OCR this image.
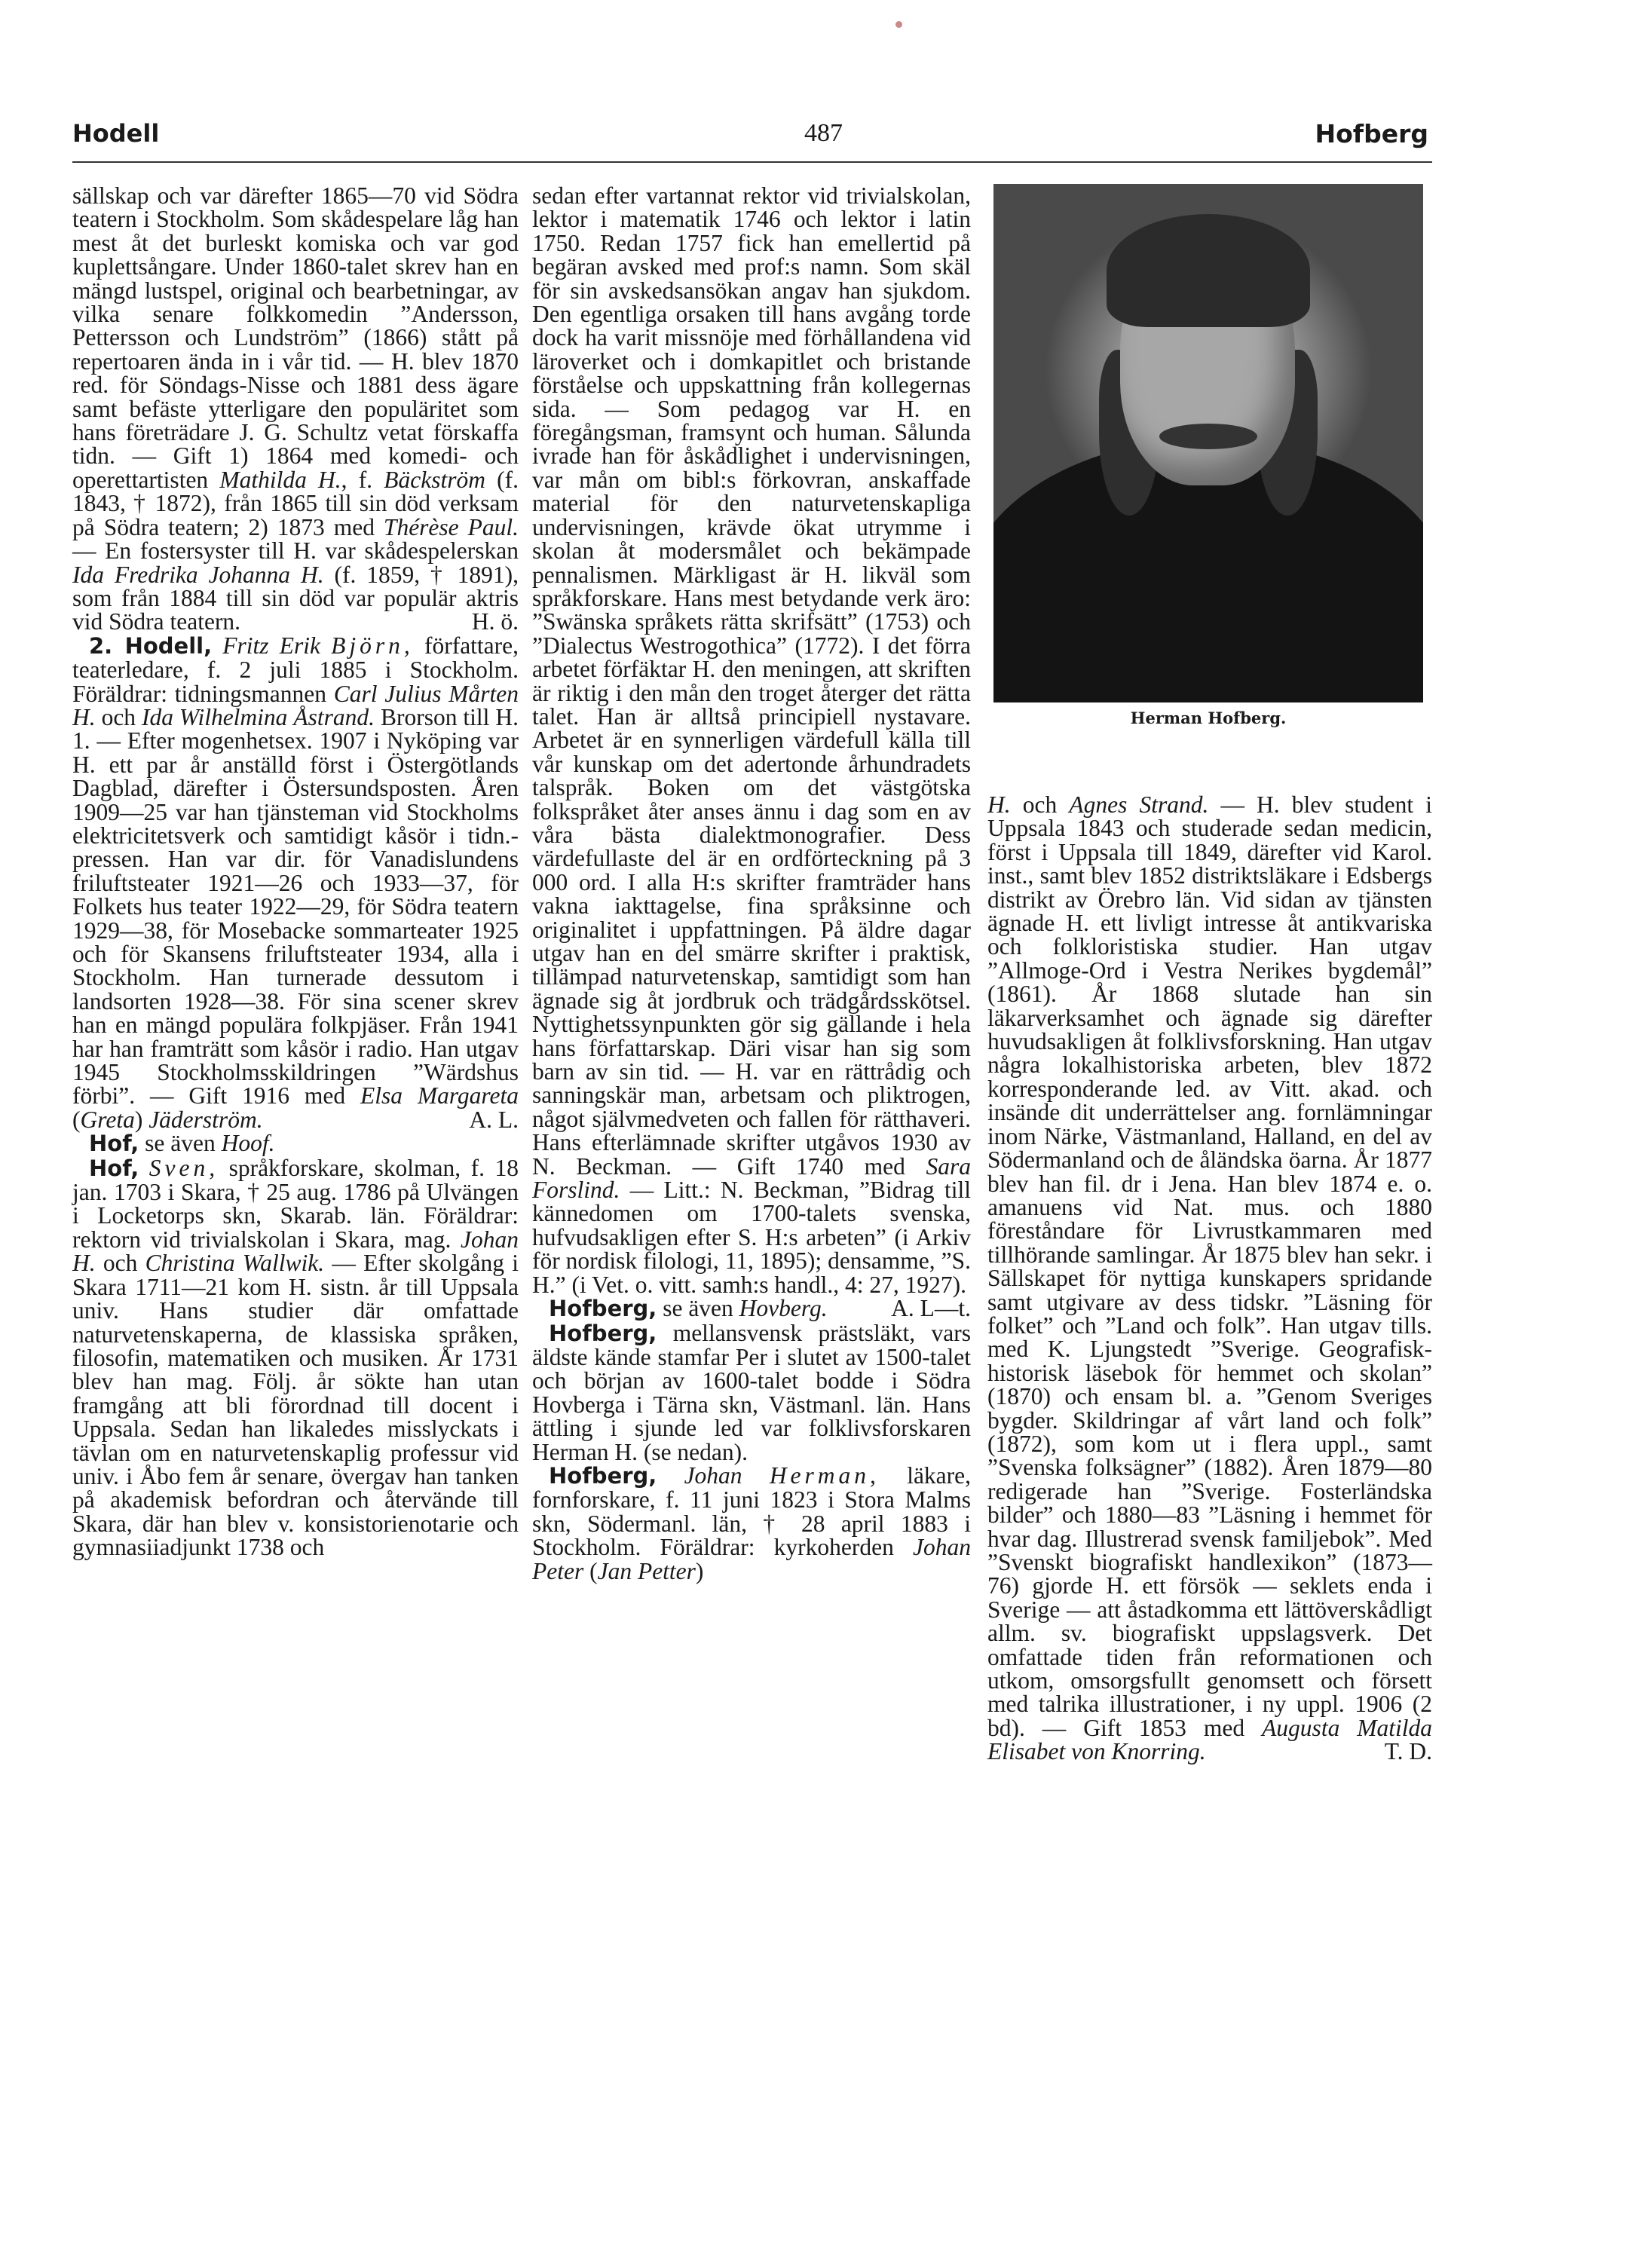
Hodell	487	Hofberg

sällskap och var därefter 1865—70 vid Södra teatern i Stockholm. Som skådespelare låg han mest åt det burleskt komiska och var god kuplettsångare. Under 1860-talet skrev han en mängd lustspel, original och bearbetningar, av vilka senare folkkomedin ”Andersson, Pettersson och Lundström” (1866) stått på repertoaren ända in i vår tid. — H. blev 1870 red. för Söndags-Nisse och 1881 dess ägare samt befäste ytterligare den populäritet som hans företrädare J. G. Schultz vetat förskaffa tidn. — Gift 1) 1864 med komedi- och operettartisten Mathilda H., f. Bäckström (f. 1843, † 1872), från 1865 till sin död verksam på Södra teatern; 2) 1873 med Thérèse Paul. — En fostersyster till H. var skådespelerskan Ida Fredrika Johanna H. (f. 1859, † 1891), som från 1884 till sin död var populär aktris vid Södra teatern.	H. ö.

2. Hodell, Fritz Erik Björn, författare, teaterledare, f. 2 juli 1885 i Stockholm. Föräldrar: tidningsmannen Carl Julius Mårten H. och Ida Wilhelmina Åstrand. Brorson till H. 1. — Efter mogenhetsex. 1907 i Nyköping var H. ett par år anställd först i Östergötlands Dagblad, därefter i Östersundsposten. Åren 1909—25 var han tjänsteman vid Stockholms elektricitetsverk och samtidigt kåsör i tidn.-pressen. Han var dir. för Vanadislundens friluftsteater 1921—26 och 1933—37, för Folkets hus teater 1922—29, för Södra teatern 1929—38, för Mosebacke sommarteater 1925 och för Skansens friluftsteater 1934, alla i Stockholm. Han turnerade dessutom i landsorten 1928—38. För sina scener skrev han en mängd populära folkpjäser. Från 1941 har han framträtt som kåsör i radio. Han utgav 1945 Stockholmsskildringen ”Wärdshus förbi”. — Gift 1916 med Elsa Margareta (Greta) Jäderström.	A. L.

Hof, se även Hoof.

Hof, Sven, språkforskare, skolman, f. 18 jan. 1703 i Skara, † 25 aug. 1786 på Ulvängen i Locketorps skn, Skarab. län. Föräldrar: rektorn vid trivialskolan i Skara, mag. Johan H. och Christina Wallwik. — Efter skolgång i Skara 1711—21 kom H. sistn. år till Uppsala univ. Hans studier där omfattade naturvetenskaperna, de klassiska språken, filosofin, matematiken och musiken. År 1731 blev han mag. Följ. år sökte han utan framgång att bli förordnad till docent i Uppsala. Sedan han likaledes misslyckats i tävlan om en naturvetenskaplig professur vid univ. i Åbo fem år senare, övergav han tanken på akademisk befordran och återvände till Skara, där han blev v. konsistorienotarie och gymnasiiadjunkt 1738 och

sedan efter vartannat rektor vid trivialskolan, lektor i matematik 1746 och lektor i latin 1750. Redan 1757 fick han emellertid på begäran avsked med prof:s namn. Som skäl för sin avskedsansökan angav han sjukdom. Den egentliga orsaken till hans avgång torde dock ha varit missnöje med förhållandena vid läroverket och i domkapitlet och bristande förståelse och uppskattning från kollegernas sida. — Som pedagog var H. en föregångsman, framsynt och human. Sålunda ivrade han för åskådlighet i undervisningen, var mån om bibl:s förkovran, anskaffade material för den naturvetenskapliga undervisningen, krävde ökat utrymme i skolan åt modersmålet och bekämpade pennalismen. Märkligast är H. likväl som språkforskare. Hans mest betydande verk äro: ”Swänska språkets rätta skrifsätt” (1753) och ”Dialectus Westrogothica” (1772). I det förra arbetet förfäktar H. den meningen, att skriften är riktig i den mån den troget återger det rätta talet. Han är alltså principiell nystavare. Arbetet är en synnerligen värdefull källa till vår kunskap om det adertonde århundradets talspråk. Boken om det västgötska folkspråket åter anses ännu i dag som en av våra bästa dialektmonografier. Dess värdefullaste del är en ordförteckning på 3 000 ord. I alla H:s skrifter framträder hans vakna iakttagelse, fina språksinne och originalitet i uppfattningen. På äldre dagar utgav han en del smärre skrifter i praktisk, tillämpad naturvetenskap, samtidigt som han ägnade sig åt jordbruk och trädgårdsskötsel. Nyttighetssynpunkten gör sig gällande i hela hans författarskap. Däri visar han sig som barn av sin tid. — H. var en rättrådig och sanningskär man, arbetsam och pliktrogen, något självmedveten och fallen för rätthaveri. Hans efterlämnade skrifter utgåvos 1930 av N. Beckman. — Gift 1740 med Sara Forslind. — Litt.: N. Beckman, ”Bidrag till kännedomen om 1700-talets svenska, hufvudsakligen efter S. H:s arbeten” (i Arkiv för nordisk filologi, 11, 1895); densamme, ”S. H.” (i Vet. o. vitt. samh:s handl., 4: 27, 1927).
A. L—t.

Hofberg, se även Hovberg.

Hofberg, mellansvensk prästsläkt, vars äldste kände stamfar Per i slutet av 1500-talet och början av 1600-talet bodde i Södra Hovberga i Tärna skn, Västmanl. län. Hans ättling i sjunde led var folklivsforskaren Herman H. (se nedan).

Hofberg, Johan Herman, läkare, fornforskare, f. 11 juni 1823 i Stora Malms skn, Södermanl. län, † 28 april 1883 i Stockholm. Föräldrar: kyrkoherden Johan Peter (Jan Petter)

Herman Hofberg.

H. och Agnes Strand. — H. blev student i Uppsala 1843 och studerade sedan medicin, först i Uppsala till 1849, därefter vid Karol. inst., samt blev 1852 distriktsläkare i Edsbergs distrikt av Örebro län. Vid sidan av tjänsten ägnade H. ett livligt intresse åt antikvariska och folkloristiska studier. Han utgav ”Allmoge-Ord i Vestra Nerikes bygdemål” (1861). År 1868 slutade han sin läkarverksamhet och ägnade sig därefter huvudsakligen åt folklivsforskning. Han utgav några lokalhistoriska arbeten, blev 1872 korresponderande led. av Vitt. akad. och insände dit underrättelser ang. fornlämningar inom Närke, Västmanland, Halland, en del av Södermanland och de åländska öarna. År 1877 blev han fil. dr i Jena. Han blev 1874 e. o. amanuens vid Nat. mus. och 1880 föreståndare för Livrustkammaren med tillhörande samlingar. År 1875 blev han sekr. i Sällskapet för nyttiga kunskapers spridande samt utgivare av dess tidskr. ”Läsning för folket” och ”Land och folk”. Han utgav tills. med K. Ljungstedt ”Sverige. Geografisk-historisk läsebok för hemmet och skolan” (1870) och ensam bl. a. ”Genom Sveriges bygder. Skildringar af vårt land och folk” (1872), som kom ut i flera uppl., samt ”Svenska folksägner” (1882). Åren 1879—80 redigerade han ”Sverige. Fosterländska bilder” och 1880—83 ”Läsning i hemmet för hvar dag. Illustrerad svensk familjebok”. Med ”Svenskt biografiskt handlexikon” (1873—76) gjorde H. ett försök — seklets enda i Sverige — att åstadkomma ett lättöverskådligt allm. sv. biografiskt uppslagsverk. Det omfattade tiden från reformationen och utkom, omsorgsfullt genomsett och försett med talrika illustrationer, i ny uppl. 1906 (2 bd). — Gift 1853 med Augusta Matilda Elisabet von Knorring.	T. D.
